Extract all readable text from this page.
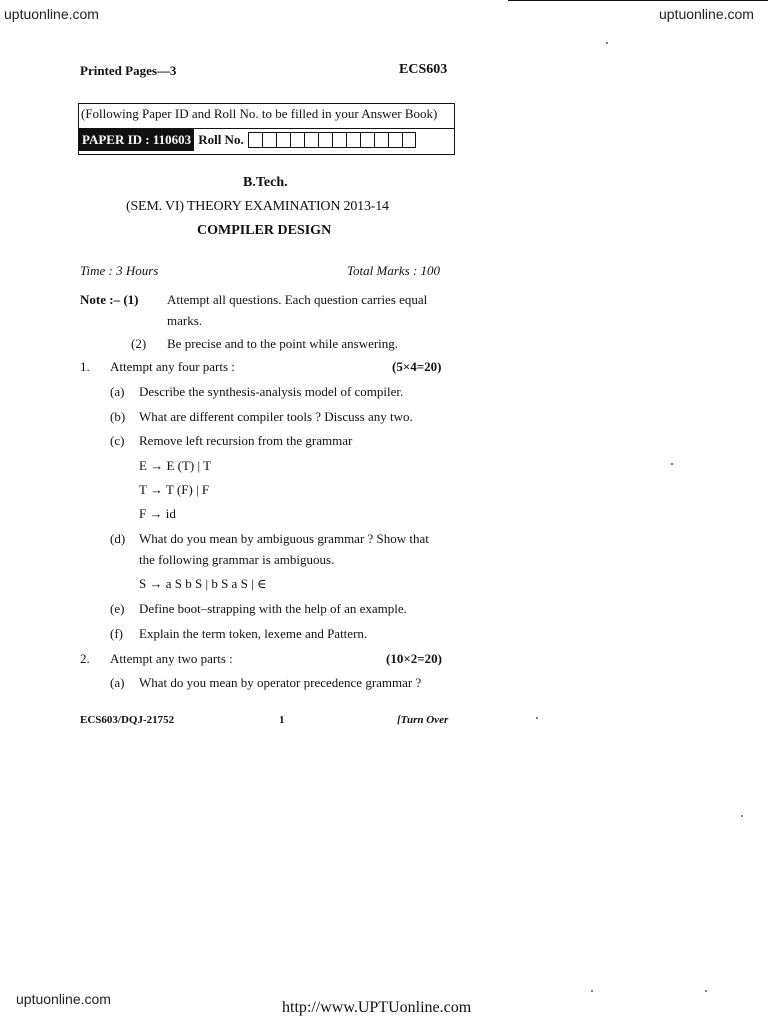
uptuonline.com	uptuonline.com
Printed Pages—3	ECS603
(Following Paper ID and Roll No. to be filled in your Answer Book)
PAPER ID : 110603 Roll No.
B.Tech.
(SEM. VI) THEORY EXAMINATION 2013-14
COMPILER DESIGN
Time : 3 Hours	Total Marks : 100
Note :– (1) Attempt all questions. Each question carries equal
marks.
(2) Be precise and to the point while answering.
1. Attempt any four parts :	(5×4=20)
(a) Describe the synthesis-analysis model of compiler.
(b) What are different compiler tools ? Discuss any two.
(c) Remove left recursion from the grammar
E → E (T) | T
T → T (F) | F
F → id
(d) What do you mean by ambiguous grammar ? Show that
the following grammar is ambiguous.
S → a S b S | b S a S | ∈
(e) Define boot–strapping with the help of an example.
(f) Explain the term token, lexeme and Pattern.
2. Attempt any two parts :	(10×2=20)
(a) What do you mean by operator precedence grammar ?
ECS603/DQJ-21752	1	[Turn Over
uptuonline.com	http://www.UPTUonline.com
